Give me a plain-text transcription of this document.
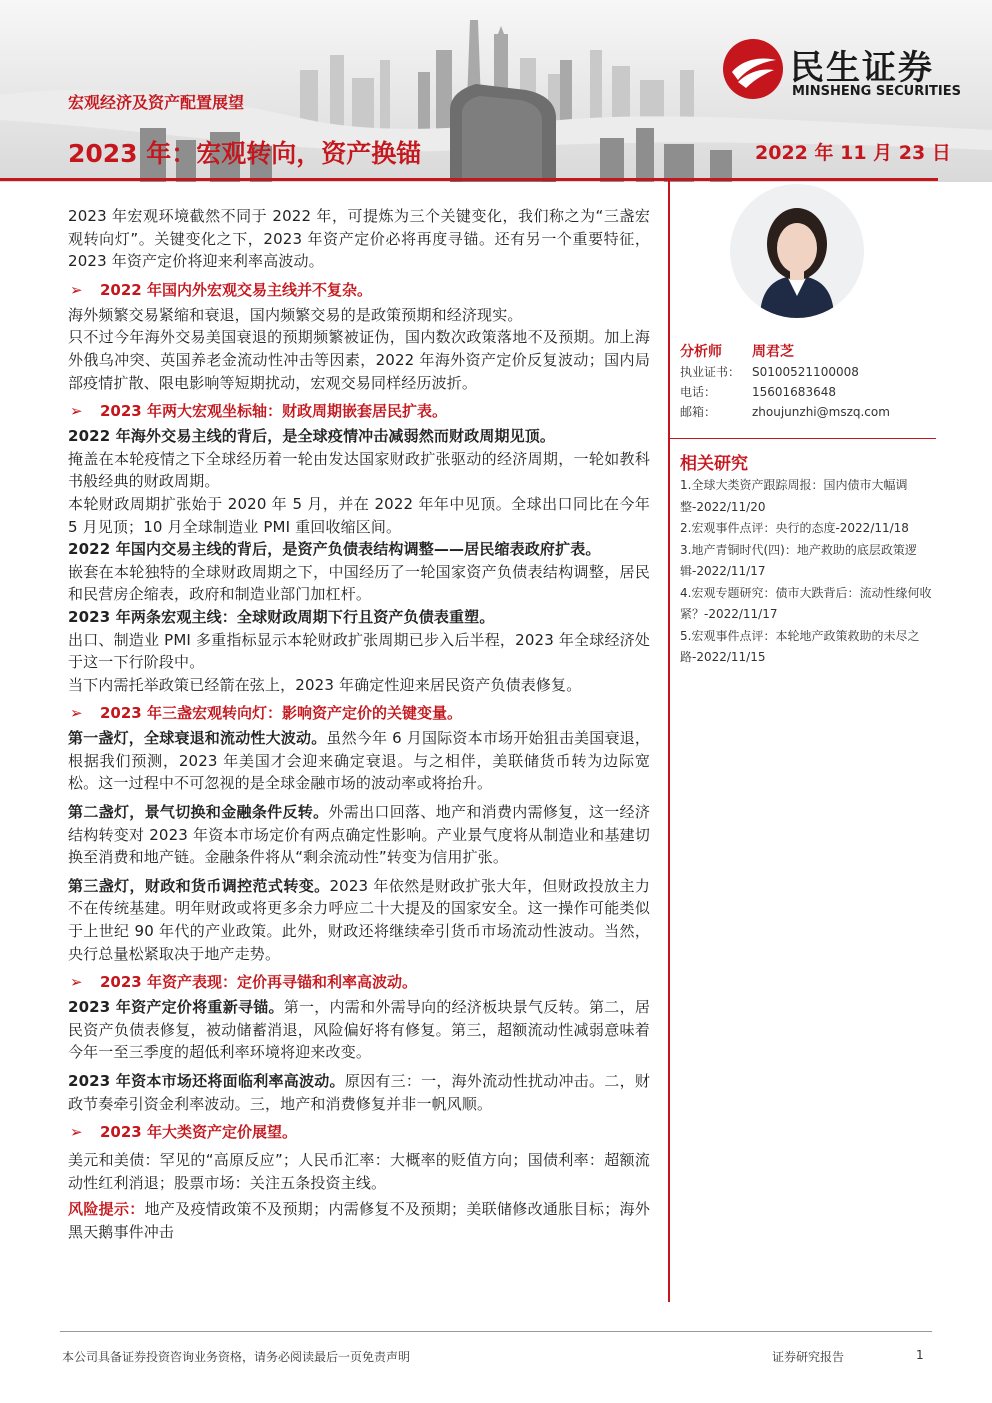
民生证券
MINSHENG SECURITIES
宏观经济及资产配置展望
2023 年：宏观转向，资产换锚	2022 年 11 月 23 日

2023 年宏观环境截然不同于 2022 年，可提炼为三个关键变化，我们称之为“三盏宏观转向灯”。关键变化之下，2023 年资产定价必将再度寻锚。还有另一个重要特征，2023 年资产定价将迎来利率高波动。

➢ 2022 年国内外宏观交易主线并不复杂。

海外频繁交易紧缩和衰退，国内频繁交易的是政策预期和经济现实。

只不过今年海外交易美国衰退的预期频繁被证伪，国内数次政策落地不及预期。加上海外俄乌冲突、英国养老金流动性冲击等因素，2022 年海外资产定价反复波动；国内局部疫情扩散、限电影响等短期扰动，宏观交易同样经历波折。

➢ 2023 年两大宏观坐标轴：财政周期嵌套居民扩表。

2022 年海外交易主线的背后，是全球疫情冲击减弱然而财政周期见顶。

掩盖在本轮疫情之下全球经历着一轮由发达国家财政扩张驱动的经济周期，一轮如教科书般经典的财政周期。

本轮财政周期扩张始于 2020 年 5 月，并在 2022 年年中见顶。全球出口同比在今年 5 月见顶；10 月全球制造业 PMI 重回收缩区间。

2022 年国内交易主线的背后，是资产负债表结构调整——居民缩表政府扩表。

嵌套在本轮独特的全球财政周期之下，中国经历了一轮国家资产负债表结构调整，居民和民营房企缩表，政府和制造业部门加杠杆。

2023 年两条宏观主线：全球财政周期下行且资产负债表重塑。

出口、制造业 PMI 多重指标显示本轮财政扩张周期已步入后半程，2023 年全球经济处于这一下行阶段中。

当下内需托举政策已经箭在弦上，2023 年确定性迎来居民资产负债表修复。

➢ 2023 年三盏宏观转向灯：影响资产定价的关键变量。

第一盏灯，全球衰退和流动性大波动。虽然今年 6 月国际资本市场开始狙击美国衰退，根据我们预测，2023 年美国才会迎来确定衰退。与之相伴，美联储货币转为边际宽松。这一过程中不可忽视的是全球金融市场的波动率或将抬升。

第二盏灯，景气切换和金融条件反转。外需出口回落、地产和消费内需修复，这一经济结构转变对 2023 年资本市场定价有两点确定性影响。产业景气度将从制造业和基建切换至消费和地产链。金融条件将从“剩余流动性”转变为信用扩张。

第三盏灯，财政和货币调控范式转变。2023 年依然是财政扩张大年，但财政投放主力不在传统基建。明年财政或将更多余力呼应二十大提及的国家安全。这一操作可能类似于上世纪 90 年代的产业政策。此外，财政还将继续牵引货币市场流动性波动。当然，央行总量松紧取决于地产走势。

➢ 2023 年资产表现：定价再寻锚和利率高波动。

2023 年资产定价将重新寻锚。第一，内需和外需导向的经济板块景气反转。第二，居民资产负债表修复，被动储蓄消退，风险偏好将有修复。第三，超额流动性减弱意味着今年一至三季度的超低利率环境将迎来改变。

2023 年资本市场还将面临利率高波动。原因有三：一，海外流动性扰动冲击。二，财政节奏牵引资金利率波动。三，地产和消费修复并非一帆风顺。

➢ 2023 年大类资产定价展望。

美元和美债：罕见的“高原反应”；人民币汇率：大概率的贬值方向；国债利率：超额流动性红利消退；股票市场：关注五条投资主线。

风险提示：地产及疫情政策不及预期；内需修复不及预期；美联储修改通胀目标；海外黑天鹅事件冲击

分析师 周君芝
执业证书： S0100521100008
电话：	15601683648
邮箱：	zhoujunzhi@mszq.com
相关研究
1.全球大类资产跟踪周报：国内债市大幅调整-2022/11/20
2.宏观事件点评：央行的态度-2022/11/18
3.地产青铜时代(四)：地产救助的底层政策逻辑-2022/11/17
4.宏观专题研究：债市大跌背后：流动性缘何收紧？-2022/11/17
5.宏观事件点评：本轮地产政策救助的未尽之路-2022/11/15
本公司具备证券投资咨询业务资格，请务必阅读最后一页免责声明	证券研究报告	1
